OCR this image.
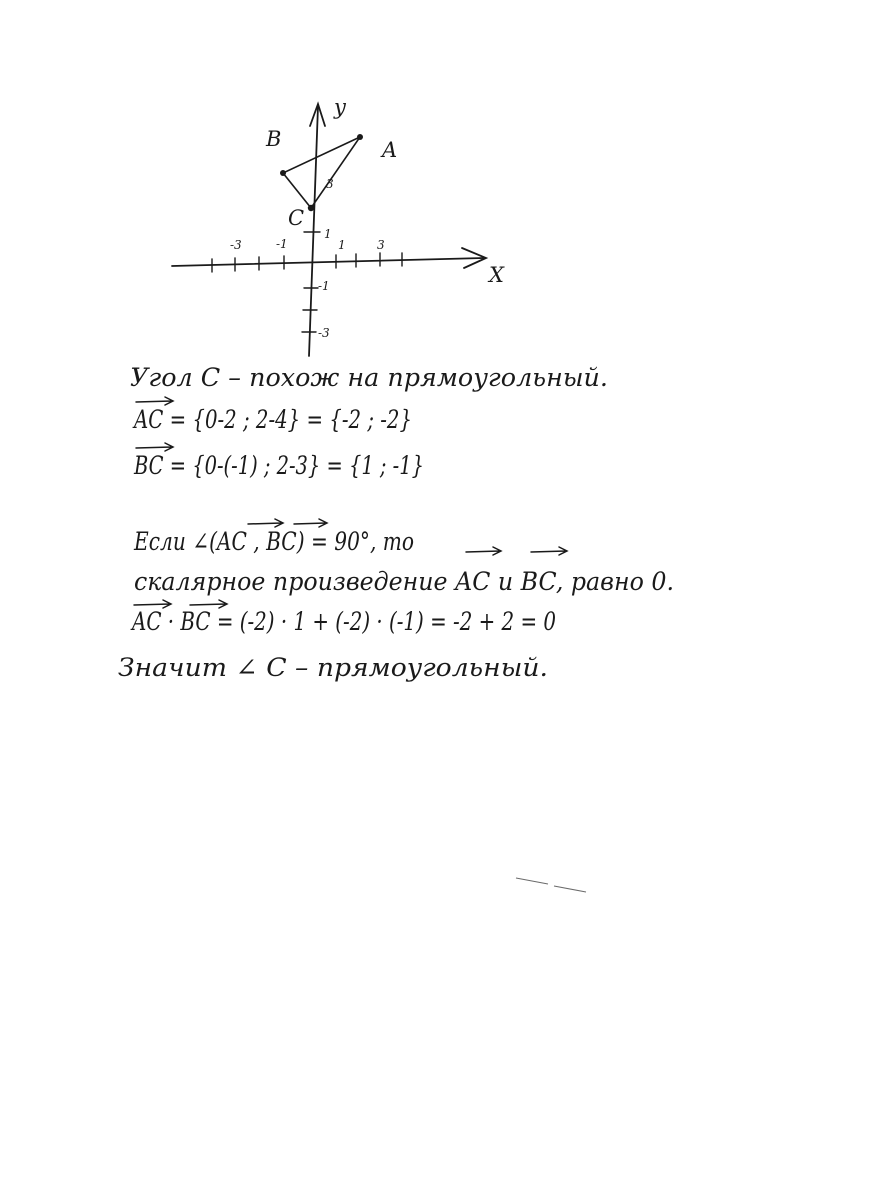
X
y
A
B
C
-3	-1	1	3
1
3
-1
-3
Угол С – похож на прямоугольный.
AC = {0-2 ; 2-4} = {-2 ; -2}
BC = {0-(-1) ; 2-3} = {1 ; -1}
Если ∠(AC , BC) = 90°, то
скалярное произведение AC и BC, равно 0.
AC · BC = (-2) · 1 + (-2) · (-1) = -2 + 2 = 0
Значит ∠ С – прямоугольный.
